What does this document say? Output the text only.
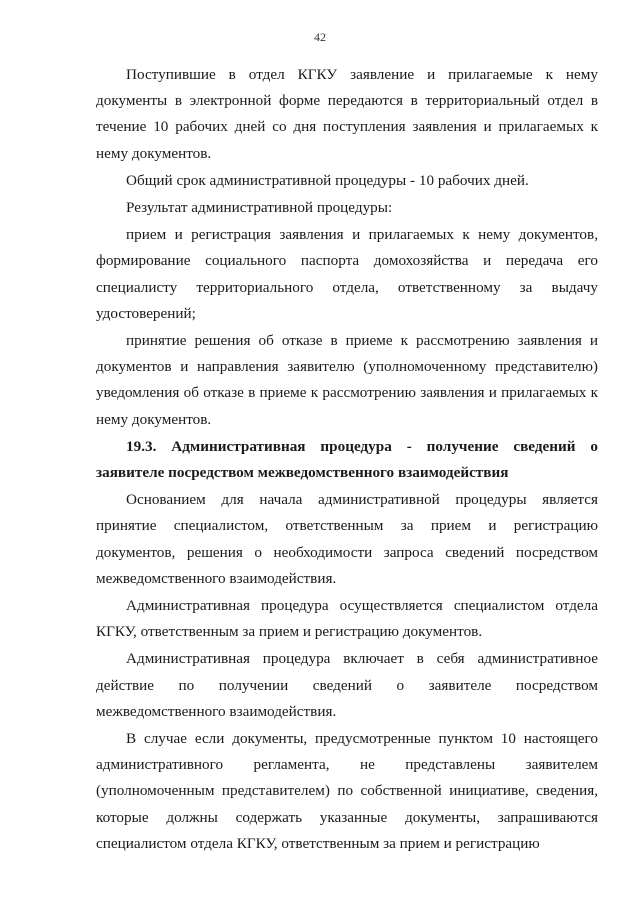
42

Поступившие в отдел КГКУ заявление и прилагаемые к нему документы в электронной форме передаются в территориальный отдел в течение 10 рабочих дней со дня поступления заявления и прилагаемых к нему документов.

Общий срок административной процедуры - 10 рабочих дней.

Результат административной процедуры:

прием и регистрация заявления и прилагаемых к нему документов, формирование социального паспорта домохозяйства и передача его специалисту территориального отдела, ответственному за выдачу удостоверений;

принятие решения об отказе в приеме к рассмотрению заявления и документов и направления заявителю (уполномоченному представителю) уведомления об отказе в приеме к рассмотрению заявления и прилагаемых к нему документов.

19.3. Административная процедура - получение сведений о заявителе посредством межведомственного взаимодействия

Основанием для начала административной процедуры является принятие специалистом, ответственным за прием и регистрацию документов, решения о необходимости запроса сведений посредством межведомственного взаимодействия.

Административная процедура осуществляется специалистом отдела КГКУ, ответственным за прием и регистрацию документов.

Административная процедура включает в себя административное действие по получении сведений о заявителе посредством межведомственного взаимодействия.

В случае если документы, предусмотренные пунктом 10 настоящего административного регламента, не представлены заявителем (уполномоченным представителем) по собственной инициативе, сведения, которые должны содержать указанные документы, запрашиваются специалистом отдела КГКУ, ответственным за прием и регистрацию
